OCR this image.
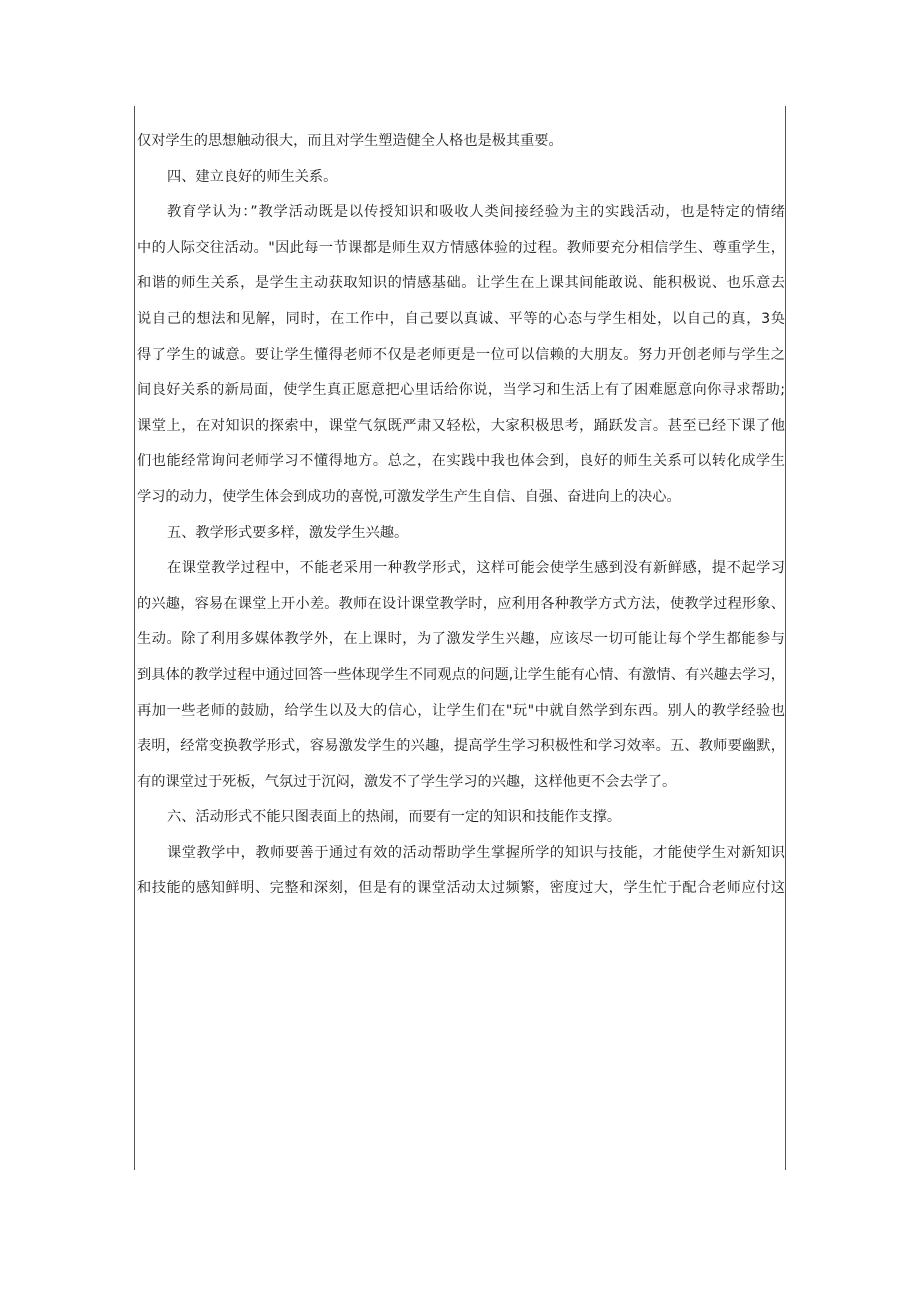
仅对学生的思想触动很大，而且对学生塑造健全人格也是极其重要。
四、建立良好的师生关系。
教育学认为：”教学活动既是以传授知识和吸收人类间接经验为主的实践活动，也是特定的情绪
中的人际交往活动。"因此每一节课都是师生双方情感体验的过程。教师要充分相信学生、尊重学生，
和谐的师生关系，是学生主动获取知识的情感基础。让学生在上课其间能敢说、能积极说、也乐意去
说自己的想法和见解，同时，在工作中，自己要以真诚、平等的心态与学生相处，以自己的真，3奂
得了学生的诚意。要让学生懂得老师不仅是老师更是一位可以信赖的大朋友。努力开创老师与学生之
间良好关系的新局面，使学生真正愿意把心里话给你说，当学习和生活上有了困难愿意向你寻求帮助;
课堂上，在对知识的探索中，课堂气氛既严肃又轻松，大家积极思考，踊跃发言。甚至已经下课了他
们也能经常询问老师学习不懂得地方。总之，在实践中我也体会到，良好的师生关系可以转化成学生
学习的动力，使学生体会到成功的喜悦,可激发学生产生自信、自强、奋进向上的决心。
五、教学形式要多样，激发学生兴趣。
在课堂教学过程中，不能老采用一种教学形式，这样可能会使学生感到没有新鲜感，提不起学习
的兴趣，容易在课堂上开小差。教师在设计课堂教学时，应利用各种教学方式方法，使教学过程形象、
生动。除了利用多媒体教学外，在上课时，为了激发学生兴趣，应该尽一切可能让每个学生都能参与
到具体的教学过程中通过回答一些体现学生不同观点的问题,让学生能有心情、有激情、有兴趣去学习，
再加一些老师的鼓励，给学生以及大的信心，让学生们在"玩"中就自然学到东西。别人的教学经验也
表明，经常变换教学形式，容易激发学生的兴趣，提高学生学习积极性和学习效率。五、教师要幽默，
有的课堂过于死板，气氛过于沉闷，激发不了学生学习的兴趣，这样他更不会去学了。
六、活动形式不能只图表面上的热闹，而要有一定的知识和技能作支撑。
课堂教学中，教师要善于通过有效的活动帮助学生掌握所学的知识与技能，才能使学生对新知识
和技能的感知鲜明、完整和深刻，但是有的课堂活动太过频繁，密度过大，学生忙于配合老师应付这
